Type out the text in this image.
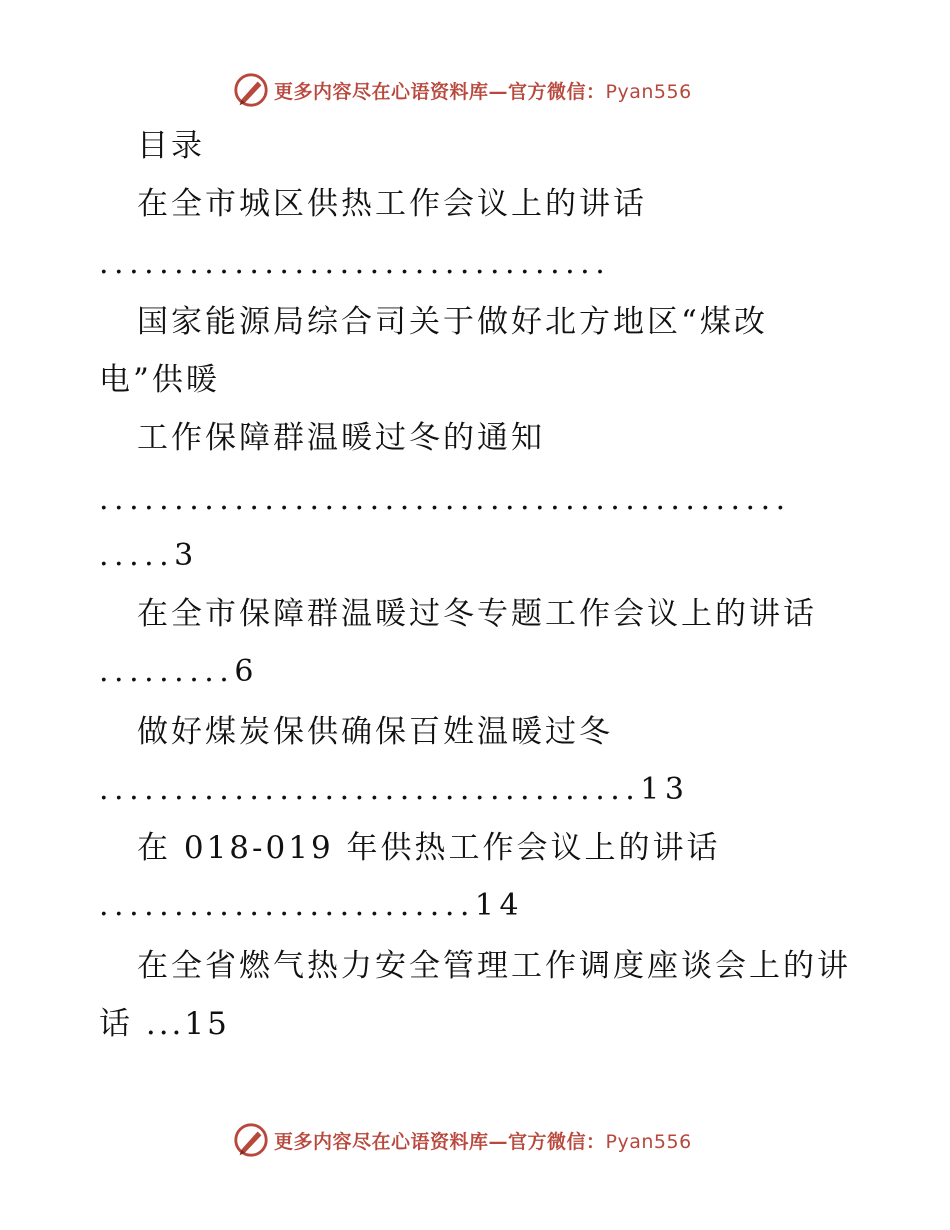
更多内容尽在心语资料库—官方微信：Pyan556
目录
在全市城区供热工作会议上的讲话
..................................
国家能源局综合司关于做好北方地区“煤改
电”供暖
工作保障群温暖过冬的通知
..............................................
.....3
在全市保障群温暖过冬专题工作会议上的讲话
.........6
做好煤炭保供确保百姓温暖过冬
....................................13
在 018-019 年供热工作会议上的讲话
.........................14
在全省燃气热力安全管理工作调度座谈会上的讲
话 ...15
更多内容尽在心语资料库—官方微信：Pyan556
